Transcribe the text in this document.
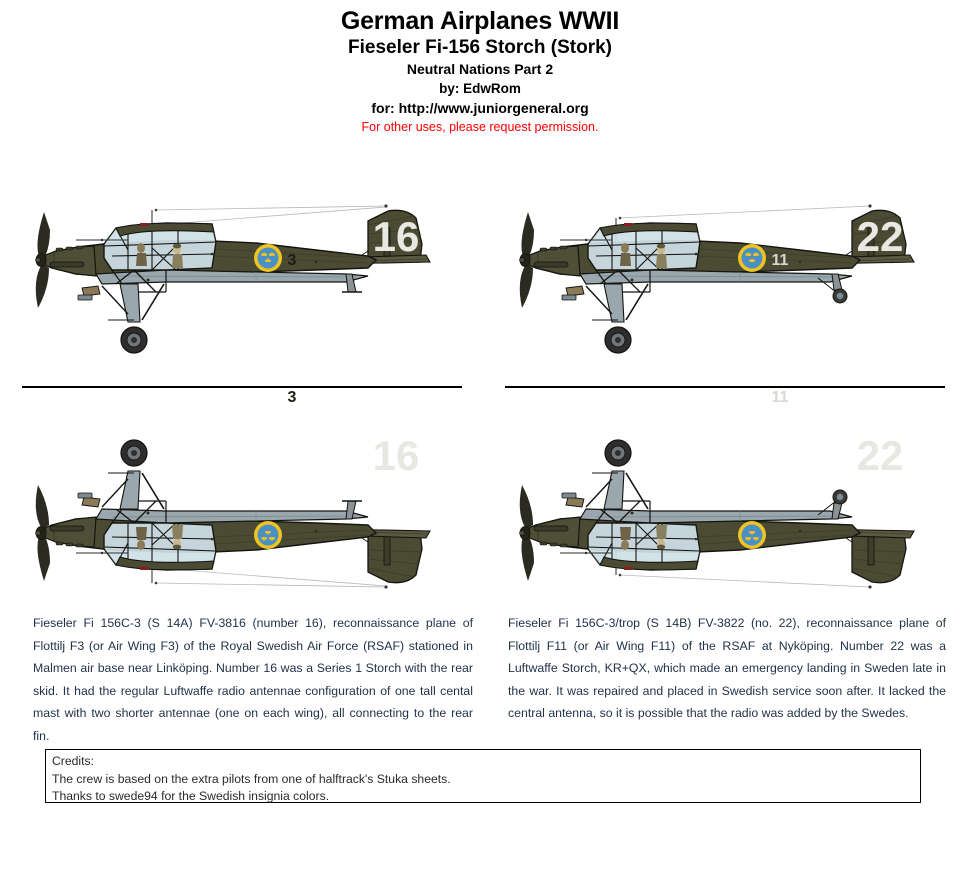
German Airplanes WWII
Fieseler Fi-156 Storch (Stork)
Neutral Nations Part 2
by: EdwRom
for: http://www.juniorgeneral.org
For other uses, please request permission.
16
3
22
11
16
3
22
11

Fieseler Fi 156C-3 (S 14A) FV-3816 (number 16), reconnaissance plane of Flottilj F3 (or Air Wing F3) of the Royal Swedish Air Force (RSAF) stationed in Malmen air base near Linköping. Number 16 was a Series 1 Storch with the rear skid. It had the regular Luftwaffe radio antennae configuration of one tall cental mast with two shorter antennae (one on each wing), all connecting to the rear fin.

Fieseler Fi 156C-3/trop (S 14B) FV-3822 (no. 22), reconnaissance plane of Flottilj F11 (or Air Wing F11) of the RSAF at Nyköping. Number 22 was a Luftwaffe Storch, KR+QX, which made an emergency landing in Sweden late in the war. It was repaired and placed in Swedish service soon after. It lacked the central antenna, so it is possible that the radio was added by the Swedes.

Credits:
The crew is based on the extra pilots from one of halftrack's Stuka sheets.
Thanks to swede94 for the Swedish insignia colors.
